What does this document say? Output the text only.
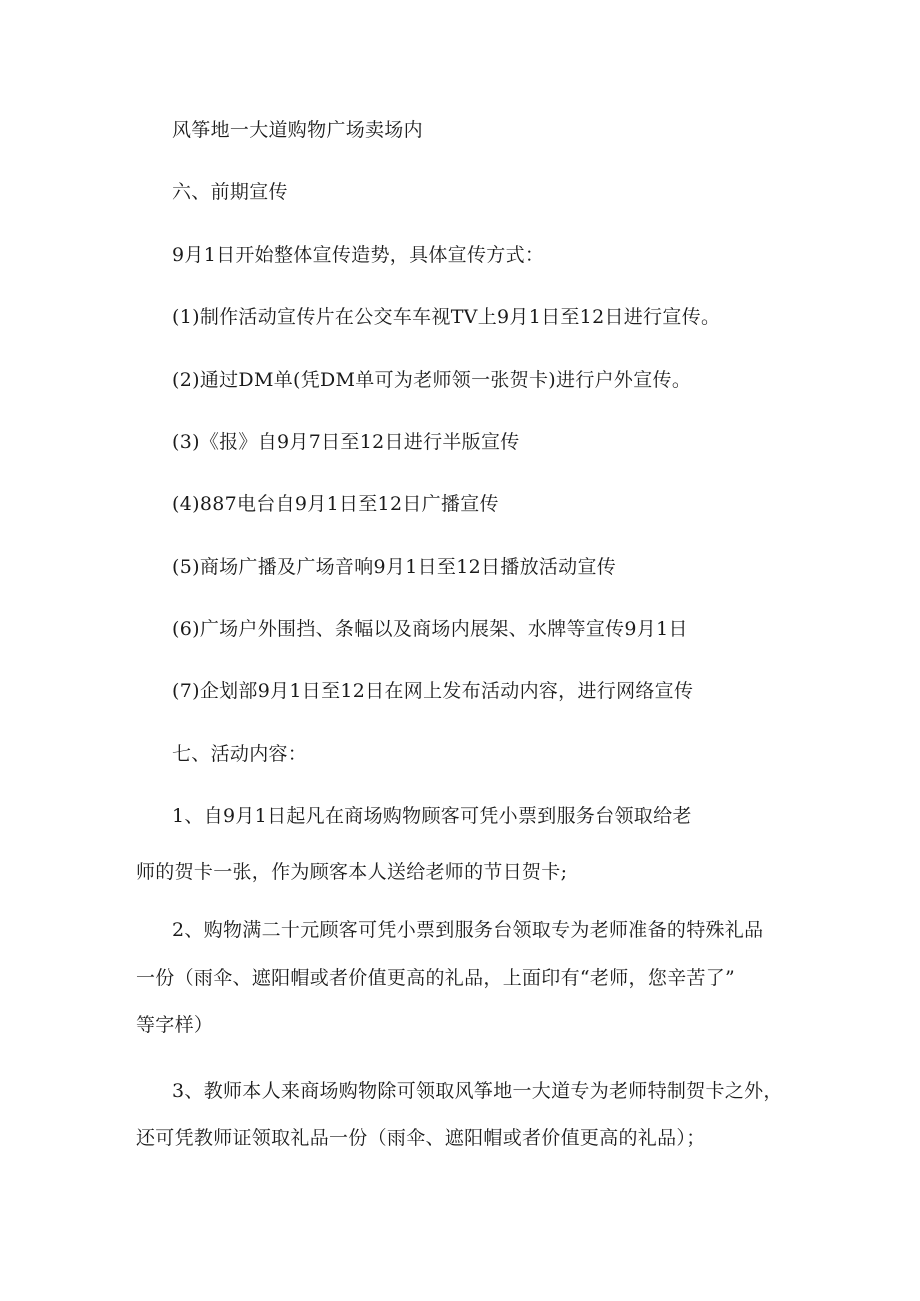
风筝地一大道购物广场卖场内

六、前期宣传

9月1日开始整体宣传造势，具体宣传方式：

(1)制作活动宣传片在公交车车视TV上9月1日至12日进行宣传。

(2)通过DM单(凭DM单可为老师领一张贺卡)进行户外宣传。

(3)《报》自9月7日至12日进行半版宣传

(4)887电台自9月1日至12日广播宣传

(5)商场广播及广场音响9月1日至12日播放活动宣传

(6)广场户外围挡、条幅以及商场内展架、水牌等宣传9月1日

(7)企划部9月1日至12日在网上发布活动内容，进行网络宣传

七、活动内容：

1、自9月1日起凡在商场购物顾客可凭小票到服务台领取给老

师的贺卡一张，作为顾客本人送给老师的节日贺卡;

2、购物满二十元顾客可凭小票到服务台领取专为老师准备的特殊礼品

一份（雨伞、遮阳帽或者价值更高的礼品，上面印有“老师，您辛苦了”

等字样）

3、教师本人来商场购物除可领取风筝地一大道专为老师特制贺卡之外，

还可凭教师证领取礼品一份（雨伞、遮阳帽或者价值更高的礼品）；
